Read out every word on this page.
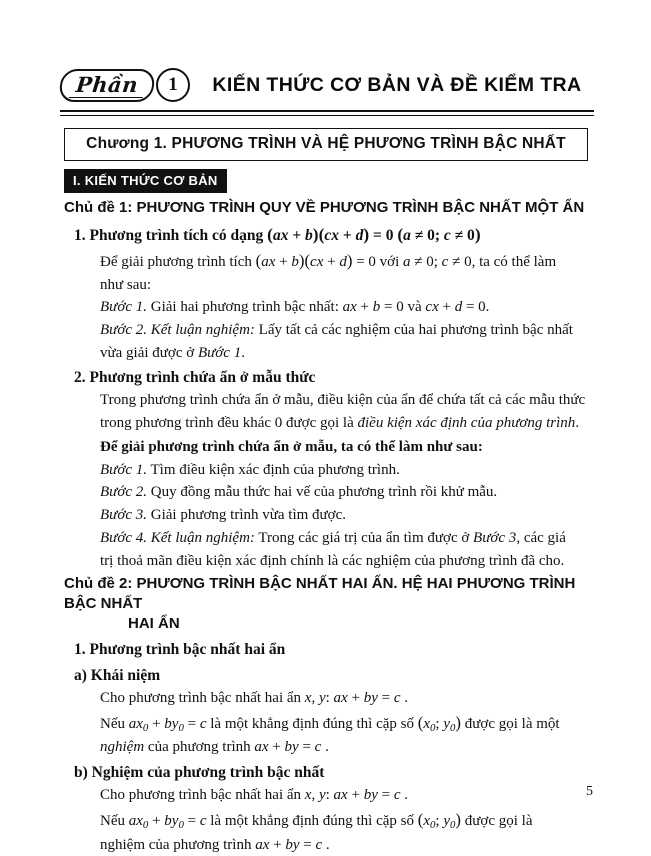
Phần	1	KIẾN THỨC CƠ BẢN VÀ ĐỀ KIỂM TRA
Chương 1. PHƯƠNG TRÌNH VÀ HỆ PHƯƠNG TRÌNH BẬC NHẤT
I. KIẾN THỨC CƠ BẢN
Chủ đề 1: PHƯƠNG TRÌNH QUY VỀ PHƯƠNG TRÌNH BẬC NHẤT MỘT ẨN
1. Phương trình tích có dạng (ax + b)(cx + d) = 0 (a ≠ 0; c ≠ 0)
Để giải phương trình tích (ax + b)(cx + d) = 0 với a ≠ 0; c ≠ 0, ta có thể làm
như sau:
Bước 1. Giải hai phương trình bậc nhất: ax + b = 0 và cx + d = 0.
Bước 2. Kết luận nghiệm: Lấy tất cả các nghiệm của hai phương trình bậc nhất
vừa giải được ở Bước 1.
2. Phương trình chứa ẩn ở mẫu thức
Trong phương trình chứa ẩn ở mẫu, điều kiện của ẩn để chứa tất cả các mẫu thức
trong phương trình đều khác 0 được gọi là điều kiện xác định của phương trình.
Để giải phương trình chứa ẩn ở mẫu, ta có thể làm như sau:
Bước 1. Tìm điều kiện xác định của phương trình.
Bước 2. Quy đồng mẫu thức hai vế của phương trình rồi khử mẫu.
Bước 3. Giải phương trình vừa tìm được.
Bước 4. Kết luận nghiệm: Trong các giá trị của ẩn tìm được ở Bước 3, các giá
trị thoả mãn điều kiện xác định chính là các nghiệm của phương trình đã cho.
Chủ đề 2: PHƯƠNG TRÌNH BẬC NHẤT HAI ẨN. HỆ HAI PHƯƠNG TRÌNH BẬC NHẤT
HAI ẨN
1. Phương trình bậc nhất hai ẩn
a) Khái niệm
Cho phương trình bậc nhất hai ẩn x, y: ax + by = c .
Nếu $ax_0 + by_0 = c$ là một khẳng định đúng thì cặp số ($x_0$; $y_0$) được gọi là một
nghiệm của phương trình ax + by = c .
b) Nghiệm của phương trình bậc nhất
Cho phương trình bậc nhất hai ẩn x, y: ax + by = c .
Nếu $ax_0 + by_0 = c$ là một khẳng định đúng thì cặp số ($x_0$; $y_0$) được gọi là
nghiệm của phương trình ax + by = c .
5
